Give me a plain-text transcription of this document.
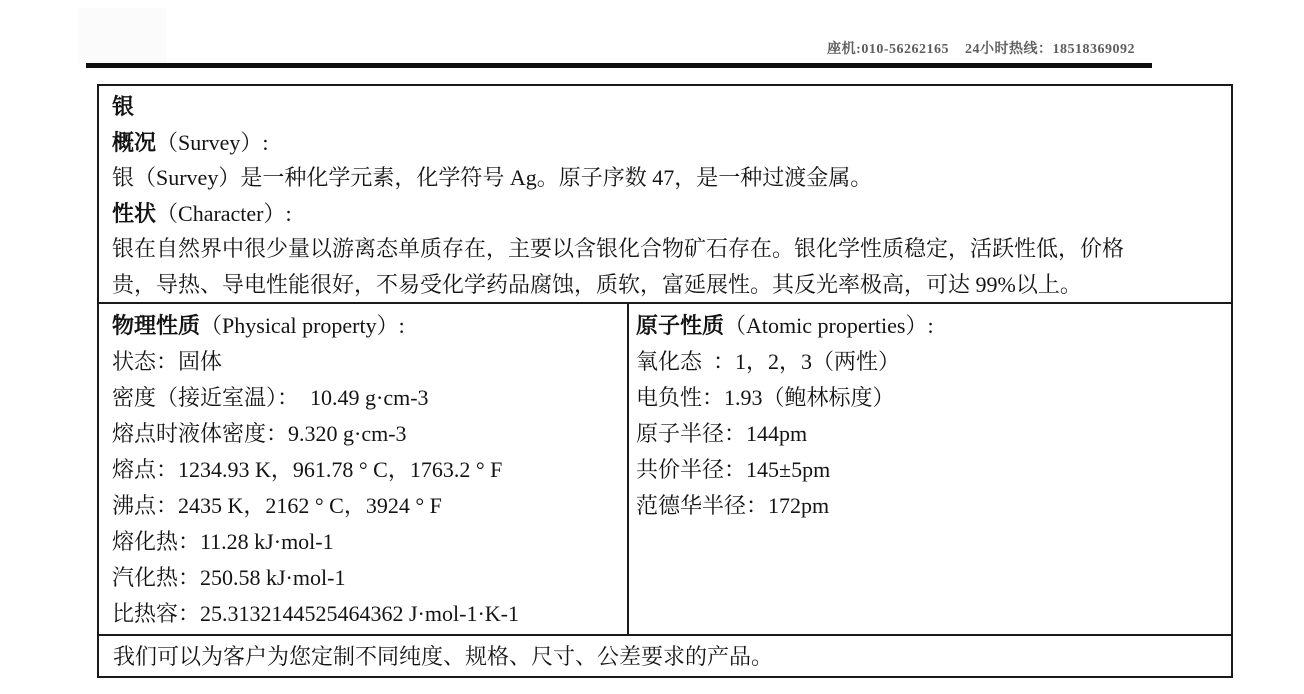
座机:010-56262165    24小时热线：18518369092
银
概况（Survey）:
银（Survey）是一种化学元素，化学符号 Ag。原子序数 47，是一种过渡金属。
性状（Character）:
银在自然界中很少量以游离态单质存在，主要以含银化合物矿石存在。银化学性质稳定，活跃性低，价格
贵，导热、导电性能很好，不易受化学药品腐蚀，质软，富延展性。其反光率极高，可达 99%以上。
物理性质（Physical property）:
状态：固体
密度（接近室温）：  10.49 g·cm-3
熔点时液体密度：9.320 g·cm-3
熔点：1234.93 K，961.78 ° C，1763.2 ° F
沸点：2435 K，2162 ° C，3924 ° F
熔化热：11.28 kJ·mol-1
汽化热：250.58 kJ·mol-1
比热容：25.3132144525464362 J·mol-1·K-1
原子性质（Atomic properties）:
氧化态  ：1，2，3（两性）
电负性：1.93（鲍林标度）
原子半径：144pm
共价半径：145±5pm
范德华半径：172pm
我们可以为客户为您定制不同纯度、规格、尺寸、公差要求的产品。
